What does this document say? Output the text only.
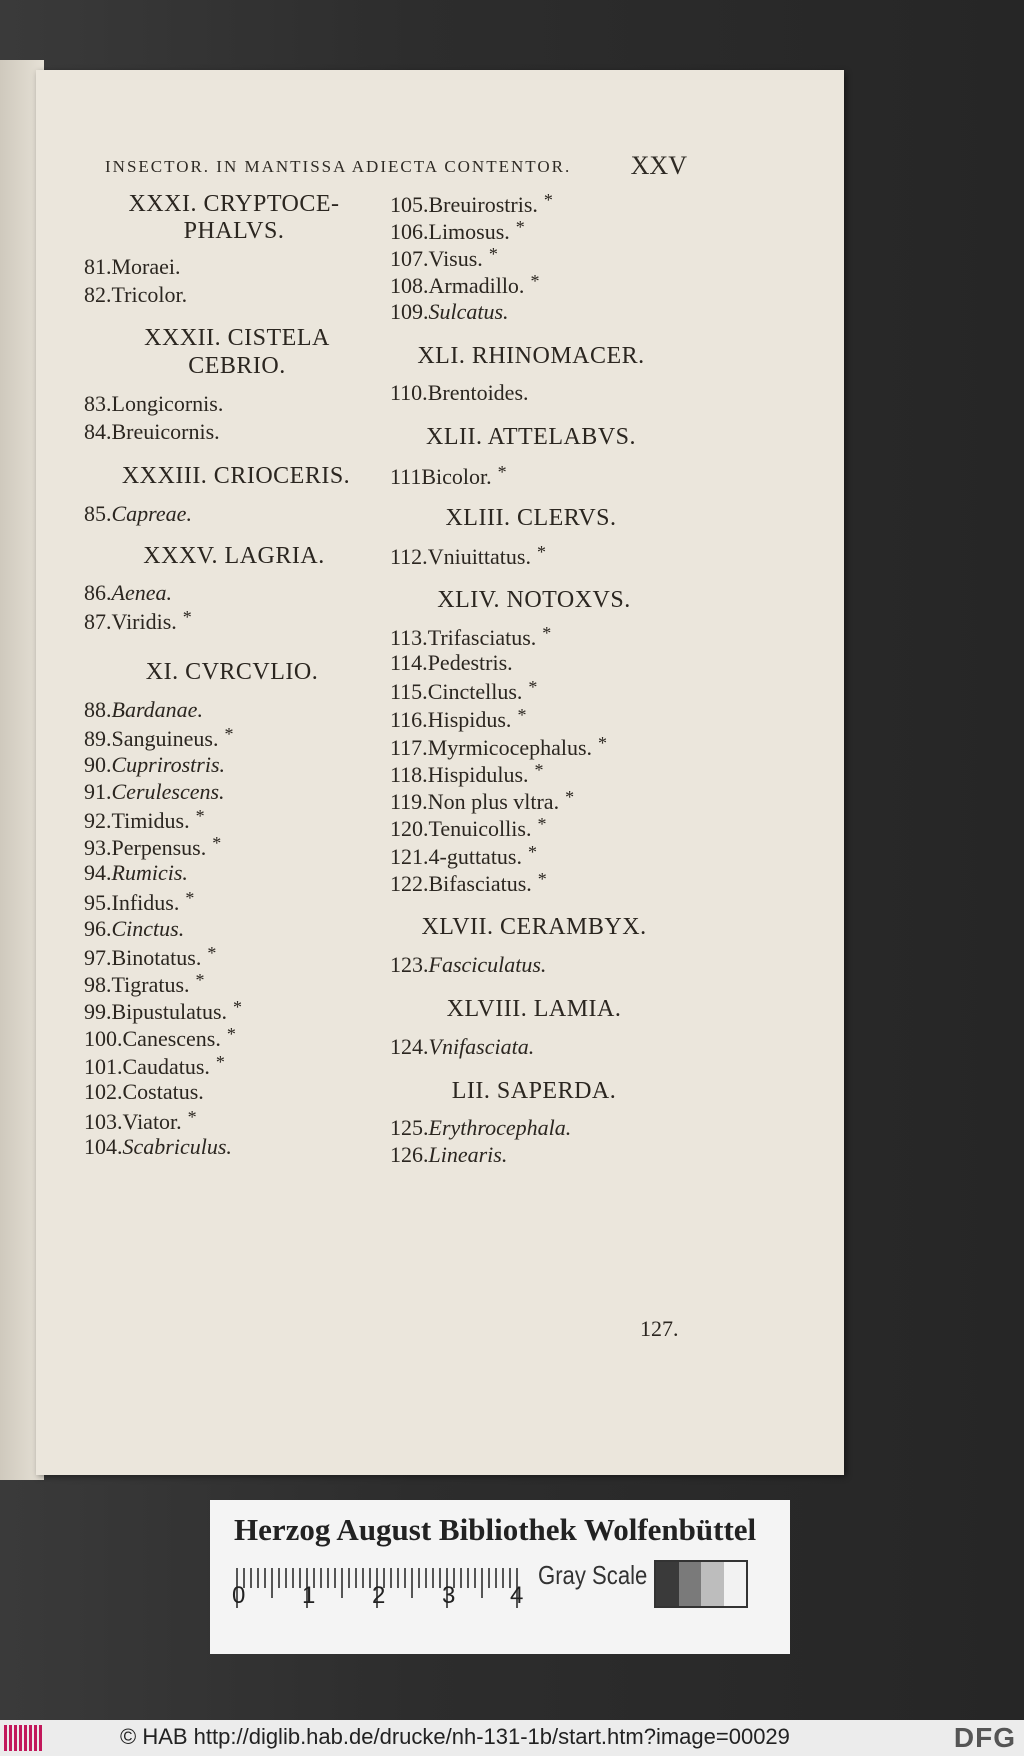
INSECTOR. IN MANTISSA ADIECTA CONTENTOR. XXV
XXXI. CRYPTOCE-
PHALVS.
81.Moraei.
82.Tricolor.
XXXII. CISTELA
CEBRIO.
83.Longicornis.
84.Breuicornis.
XXXIII. CRIOCERIS.
85.Capreae.
XXXV. LAGRIA.
86.Aenea.
87.Viridis. *
XI. CVRCVLIO.
88.Bardanae.
89.Sanguineus. *
90.Cuprirostris.
91.Cerulescens.
92.Timidus. *
93.Perpensus. *
94.Rumicis.
95.Infidus. *
96.Cinctus.
97.Binotatus. *
98.Tigratus. *
99.Bipustulatus. *
100.Canescens. *
101.Caudatus. *
102.Costatus.
103.Viator. *
104.Scabriculus.
105.Breuirostris. *
106.Limosus. *
107.Visus. *
108.Armadillo. *
109.Sulcatus.
XLI. RHINOMACER.
110.Brentoides.
XLII. ATTELABVS.
111Bicolor. *
XLIII. CLERVS.
112.Vniuittatus. *
XLIV. NOTOXVS.
113.Trifasciatus. *
114.Pedestris.
115.Cinctellus. *
116.Hispidus. *
117.Myrmicocephalus. *
118.Hispidulus. *
119.Non plus vltra. *
120.Tenuicollis. *
121.4-guttatus. *
122.Bifasciatus. *
XLVII. CERAMBYX.
123.Fasciculatus.
XLVIII. LAMIA.
124.Vnifasciata.
LII. SAPERDA.
125.Erythrocephala.
126.Linearis.
127.
Herzog August Bibliothek Wolfenbüttel
0 1 2 3 4
Gray Scale
© HAB http://diglib.hab.de/drucke/nh-131-1b/start.htm?image=00029	DFG
